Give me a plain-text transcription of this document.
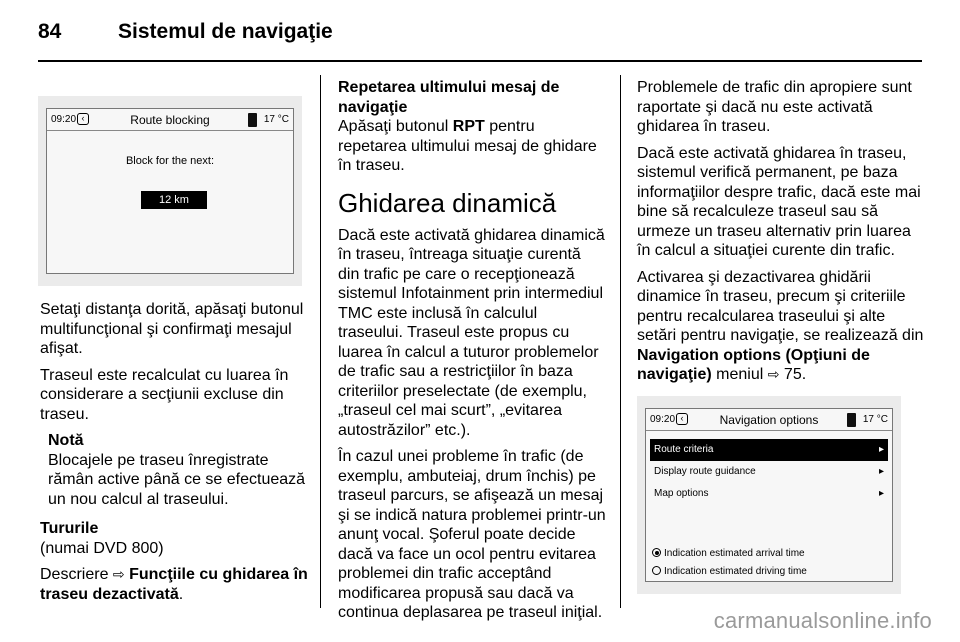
84	Sistemul de navigaţie
09:20 ‹	Route blocking	17 °C
Block for the next:
12 km

Setaţi distanţa dorită, apăsaţi butonul multifuncţional şi confirmaţi mesajul afişat.

Traseul este recalculat cu luarea în considerare a secţiunii excluse din traseu.

Notă
Blocajele pe traseu înregistrate rămân active până ce se efectuează un nou calcul al traseului.
Tururile

(numai DVD 800)

Descriere ⇨ Funcţiile cu ghidarea în traseu dezactivată.

Repetarea ultimului mesaj de navigaţie

Apăsaţi butonul RPT pentru repetarea ultimului mesaj de ghidare în traseu.

Ghidarea dinamică

Dacă este activată ghidarea dinamică în traseu, întreaga situaţie curentă din trafic pe care o recepţionează sistemul Infotainment prin intermediul TMC este inclusă în calculul traseului. Traseul este propus cu luarea în calcul a tuturor problemelor de trafic sau a restricţiilor în baza criteriilor preselectate (de exemplu, „traseul cel mai scurt”, „evitarea autostrăzilor” etc.).

În cazul unei probleme în trafic (de exemplu, ambuteiaj, drum închis) pe traseul parcurs, se afişează un mesaj şi se indică natura problemei printr-un anunţ vocal. Şoferul poate decide dacă va face un ocol pentru evitarea problemei din trafic acceptând modificarea propusă sau dacă va continua deplasarea pe traseul iniţial.

Problemele de trafic din apropiere sunt raportate şi dacă nu este activată ghidarea în traseu.

Dacă este activată ghidarea în traseu, sistemul verifică permanent, pe baza informaţiilor despre trafic, dacă este mai bine să recalculeze traseul sau să urmeze un traseu alternativ prin luarea în calcul a situaţiei curente din trafic.

Activarea şi dezactivarea ghidării dinamice în traseu, precum şi criteriile pentru recalcularea traseului şi alte setări pentru navigaţie, se realizează din Navigation options (Opţiuni de navigaţie) meniul ⇨ 75.

09:20 ‹	Navigation options	17 °C
Route criteria	▸
Display route guidance	▸
Map options	▸
Indication estimated arrival time
Indication estimated driving time
carmanualsonline.info
